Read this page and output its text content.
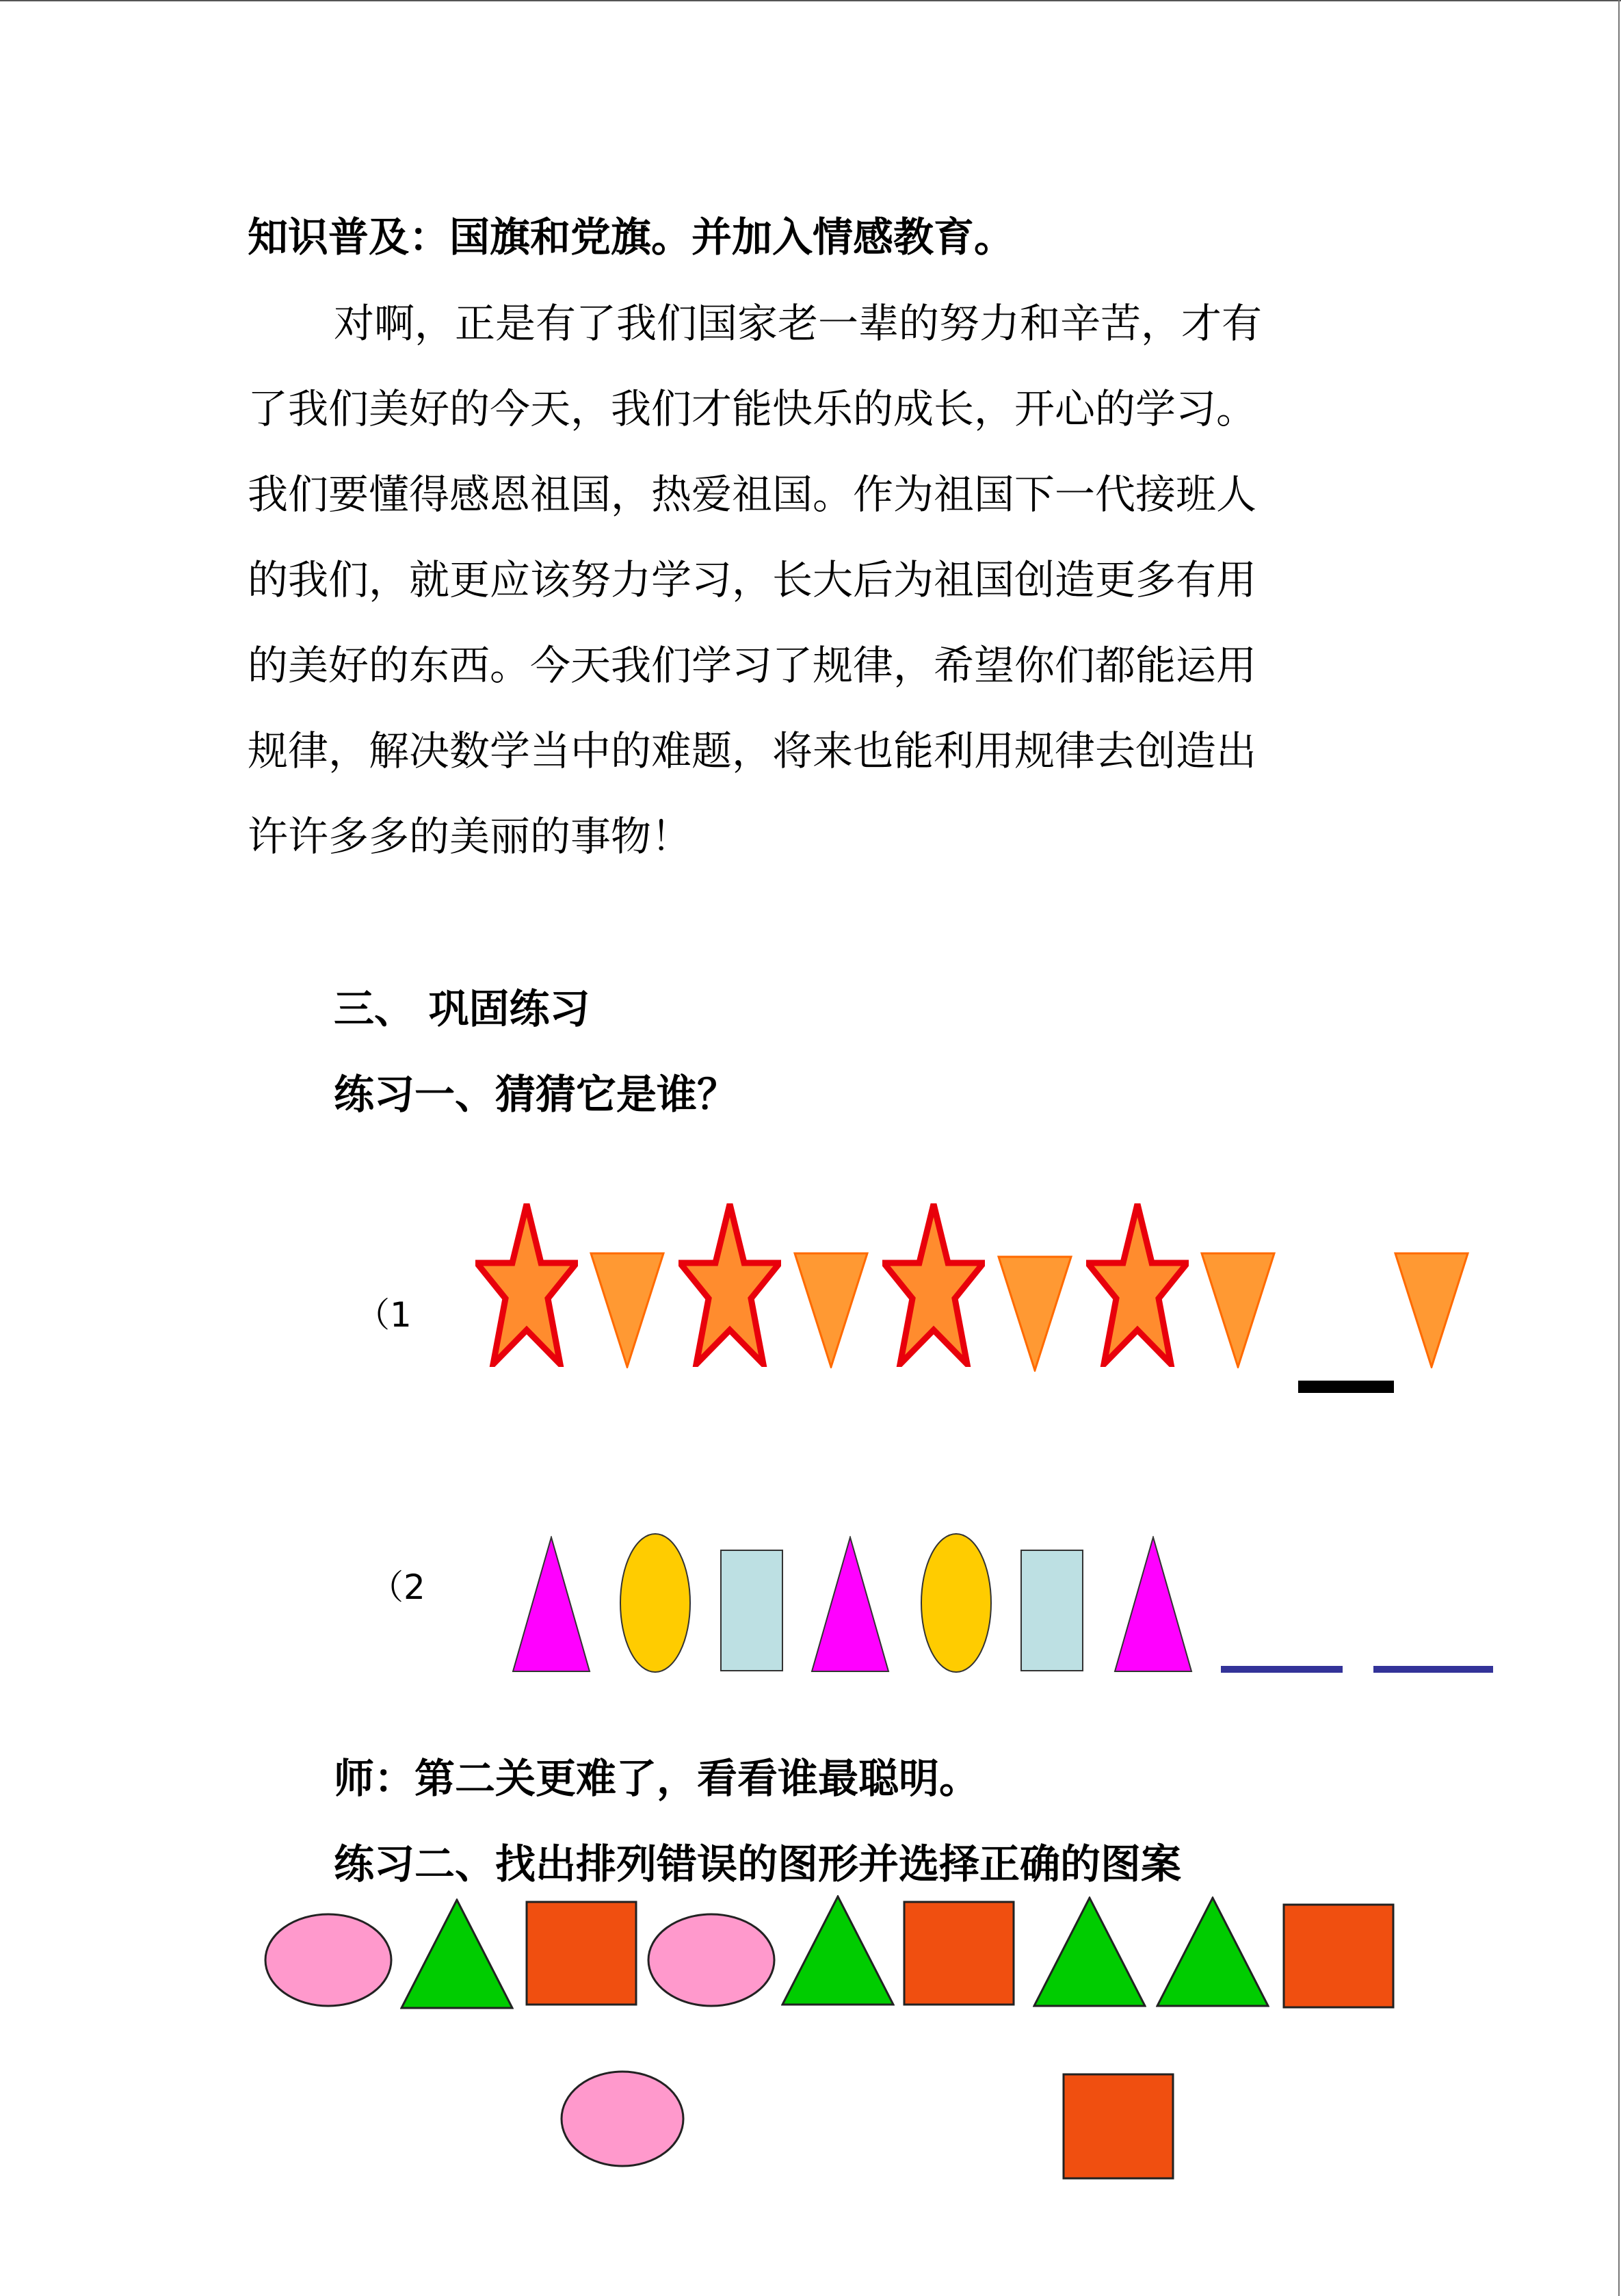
知识普及：国旗和党旗。并加入情感教育。
对啊，正是有了我们国家老一辈的努力和辛苦，才有
了我们美好的今天，我们才能快乐的成长，开心的学习。
我们要懂得感恩祖国，热爱祖国。作为祖国下一代接班人
的我们，就更应该努力学习，长大后为祖国创造更多有用
的美好的东西。今天我们学习了规律，希望你们都能运用
规律，解决数学当中的难题，将来也能利用规律去创造出
许许多多的美丽的事物！
三、 巩固练习
练习一、猜猜它是谁？
（1
（2
师：第二关更难了，看看谁最聪明。
练习二、找出排列错误的图形并选择正确的图案
